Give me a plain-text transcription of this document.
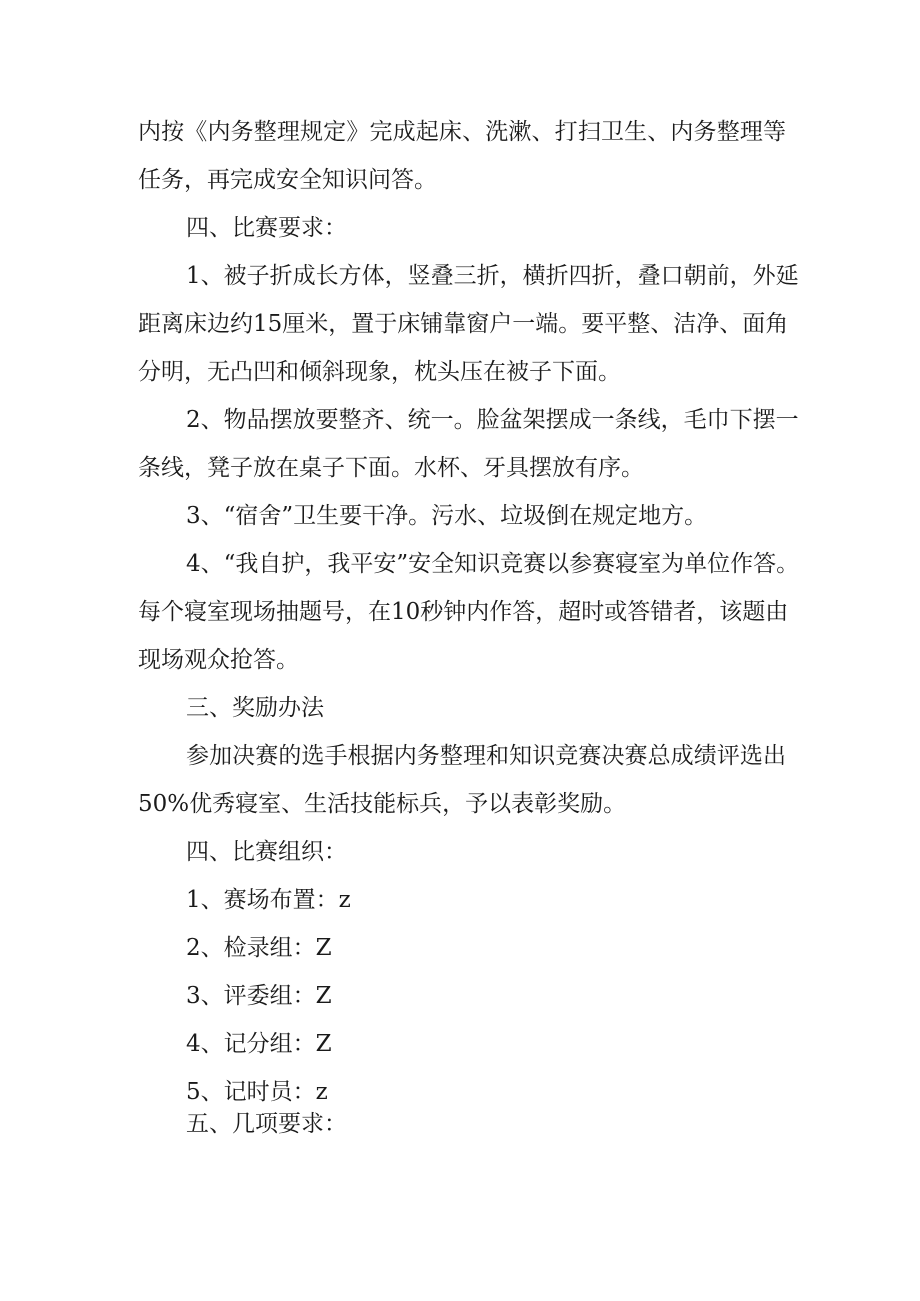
内按《内务整理规定》完成起床、洗漱、打扫卫生、内务整理等
任务，再完成安全知识问答。
四、比赛要求：
1、被子折成长方体，竖叠三折，横折四折，叠口朝前，外延
距离床边约15厘米，置于床铺靠窗户一端。要平整、洁净、面角
分明，无凸凹和倾斜现象，枕头压在被子下面。
2、物品摆放要整齐、统一。脸盆架摆成一条线，毛巾下摆一
条线，凳子放在桌子下面。水杯、牙具摆放有序。
3、“宿舍”卫生要干净。污水、垃圾倒在规定地方。
4、“我自护，我平安”安全知识竞赛以参赛寝室为单位作答。
每个寝室现场抽题号，在10秒钟内作答，超时或答错者，该题由
现场观众抢答。
三、奖励办法
参加决赛的选手根据内务整理和知识竞赛决赛总成绩评选出
50%优秀寝室、生活技能标兵，予以表彰奖励。
四、比赛组织：
1、赛场布置：z
2、检录组：Z
3、评委组：Z
4、记分组：Z
5、记时员：z
五、几项要求：
